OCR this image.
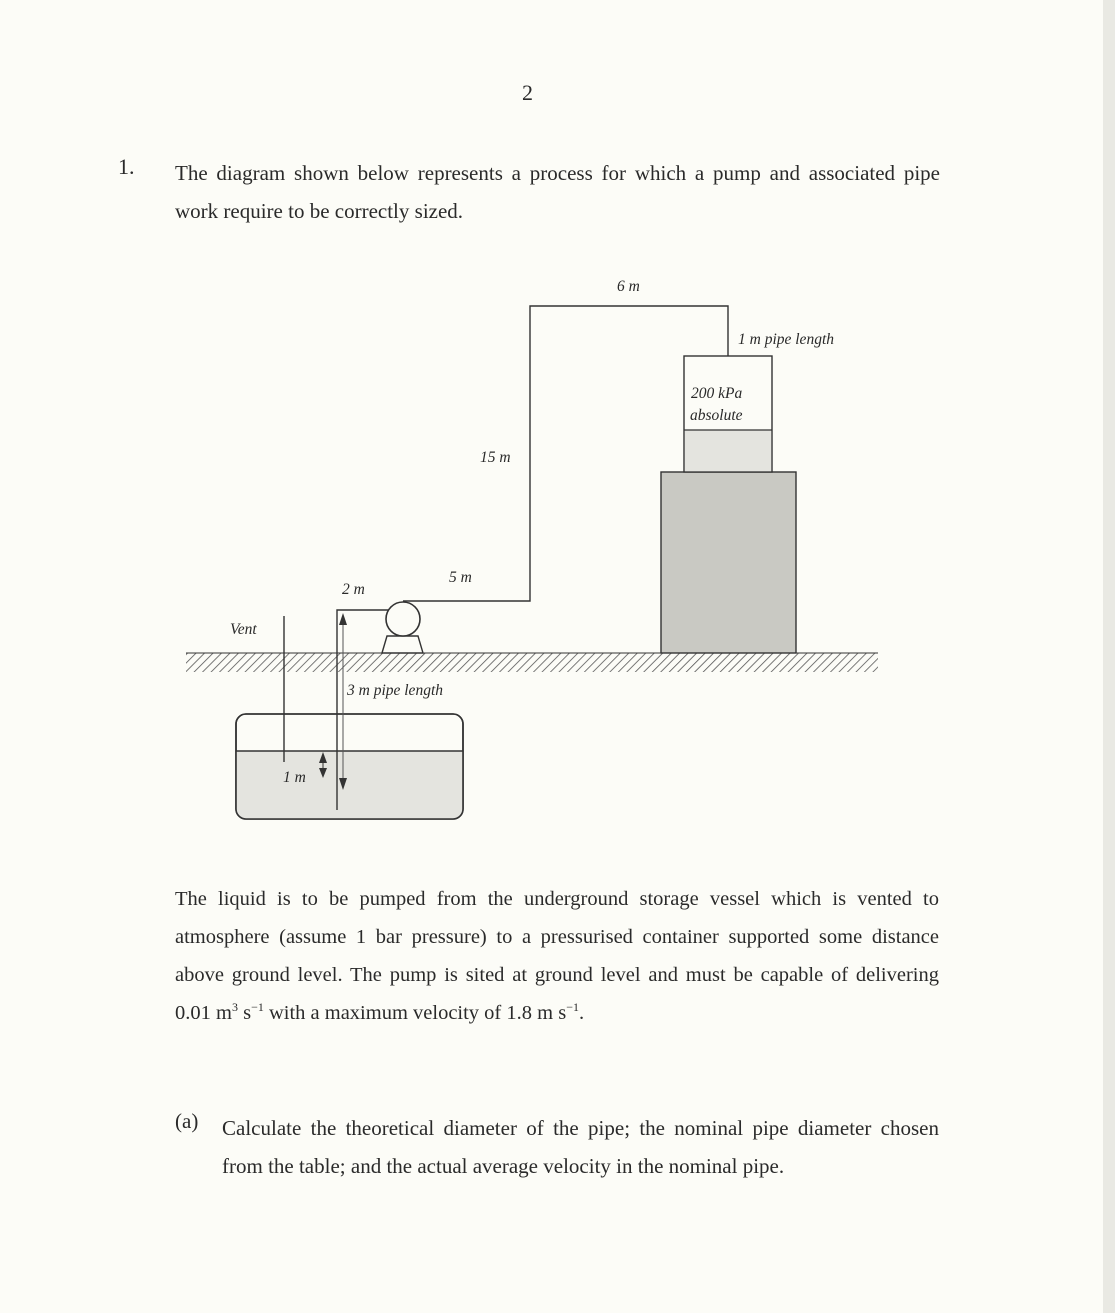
2
1. The diagram shown below represents a process for which a pump and associated pipe work require to be correctly sized.
6 m
1 m pipe length
200 kPa
absolute
15 m
2 m
5 m
Vent
3 m pipe length
1 m
The liquid is to be pumped from the underground storage vessel which is vented to atmosphere (assume 1 bar pressure) to a pressurised container supported some distance above ground level. The pump is sited at ground level and must be capable of delivering 0.01 $m^3$ $s^{-1}$ with a maximum velocity of 1.8 m $s^{-1}$.
(a) Calculate the theoretical diameter of the pipe; the nominal pipe diameter chosen from the table; and the actual average velocity in the nominal pipe.
